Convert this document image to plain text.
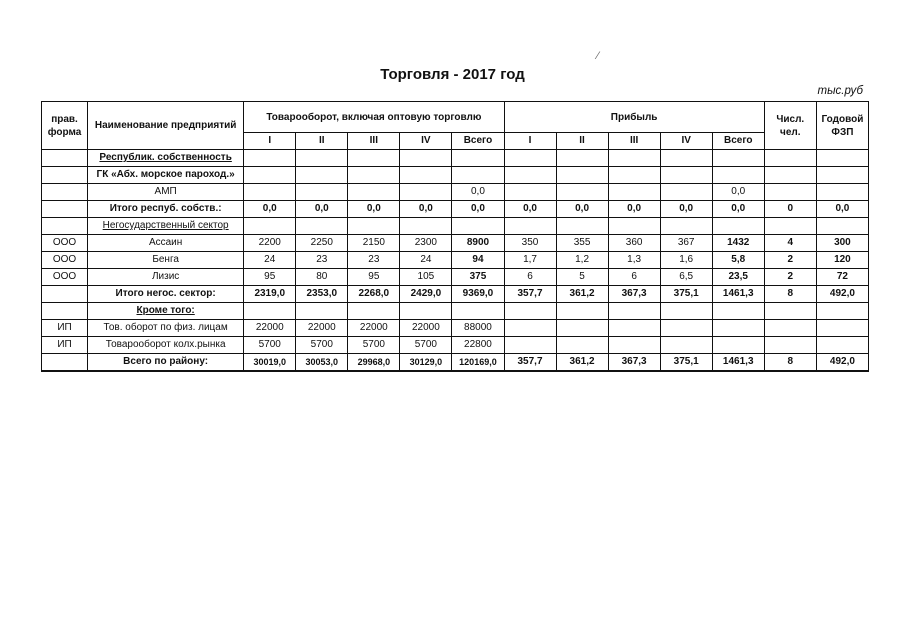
⁄
Торговля - 2017 год
тыс.руб
прав. форма	Наименование предприятий	Товарооборот, включая оптовую торговлю					Прибыль					Числ. чел.	Годовой ФЗП
		I	II	III	IV	Всего	I	II	III	IV	Всего		
	Республик. собственность												
	ГК «Абх. морское пароход.»												
	АМП					0,0					0,0		
	Итого респуб. собств.:	0,0	0,0	0,0	0,0	0,0	0,0	0,0	0,0	0,0	0,0	0	0,0
	Негосударственный сектор												
ООО	Ассаин	2200	2250	2150	2300	8900	350	355	360	367	1432	4	300
ООО	Бенга	24	23	23	24	94	1,7	1,2	1,3	1,6	5,8	2	120
ООО	Лизис	95	80	95	105	375	6	5	6	6,5	23,5	2	72
	Итого негос. сектор:	2319,0	2353,0	2268,0	2429,0	9369,0	357,7	361,2	367,3	375,1	1461,3	8	492,0
	Кроме того:												
ИП	Тов. оборот по физ. лицам	22000	22000	22000	22000	88000							
ИП	Товарооборот колх.рынка	5700	5700	5700	5700	22800							
	Всего по району:	30019,0	30053,0	29968,0	30129,0	120169,0	357,7	361,2	367,3	375,1	1461,3	8	492,0
